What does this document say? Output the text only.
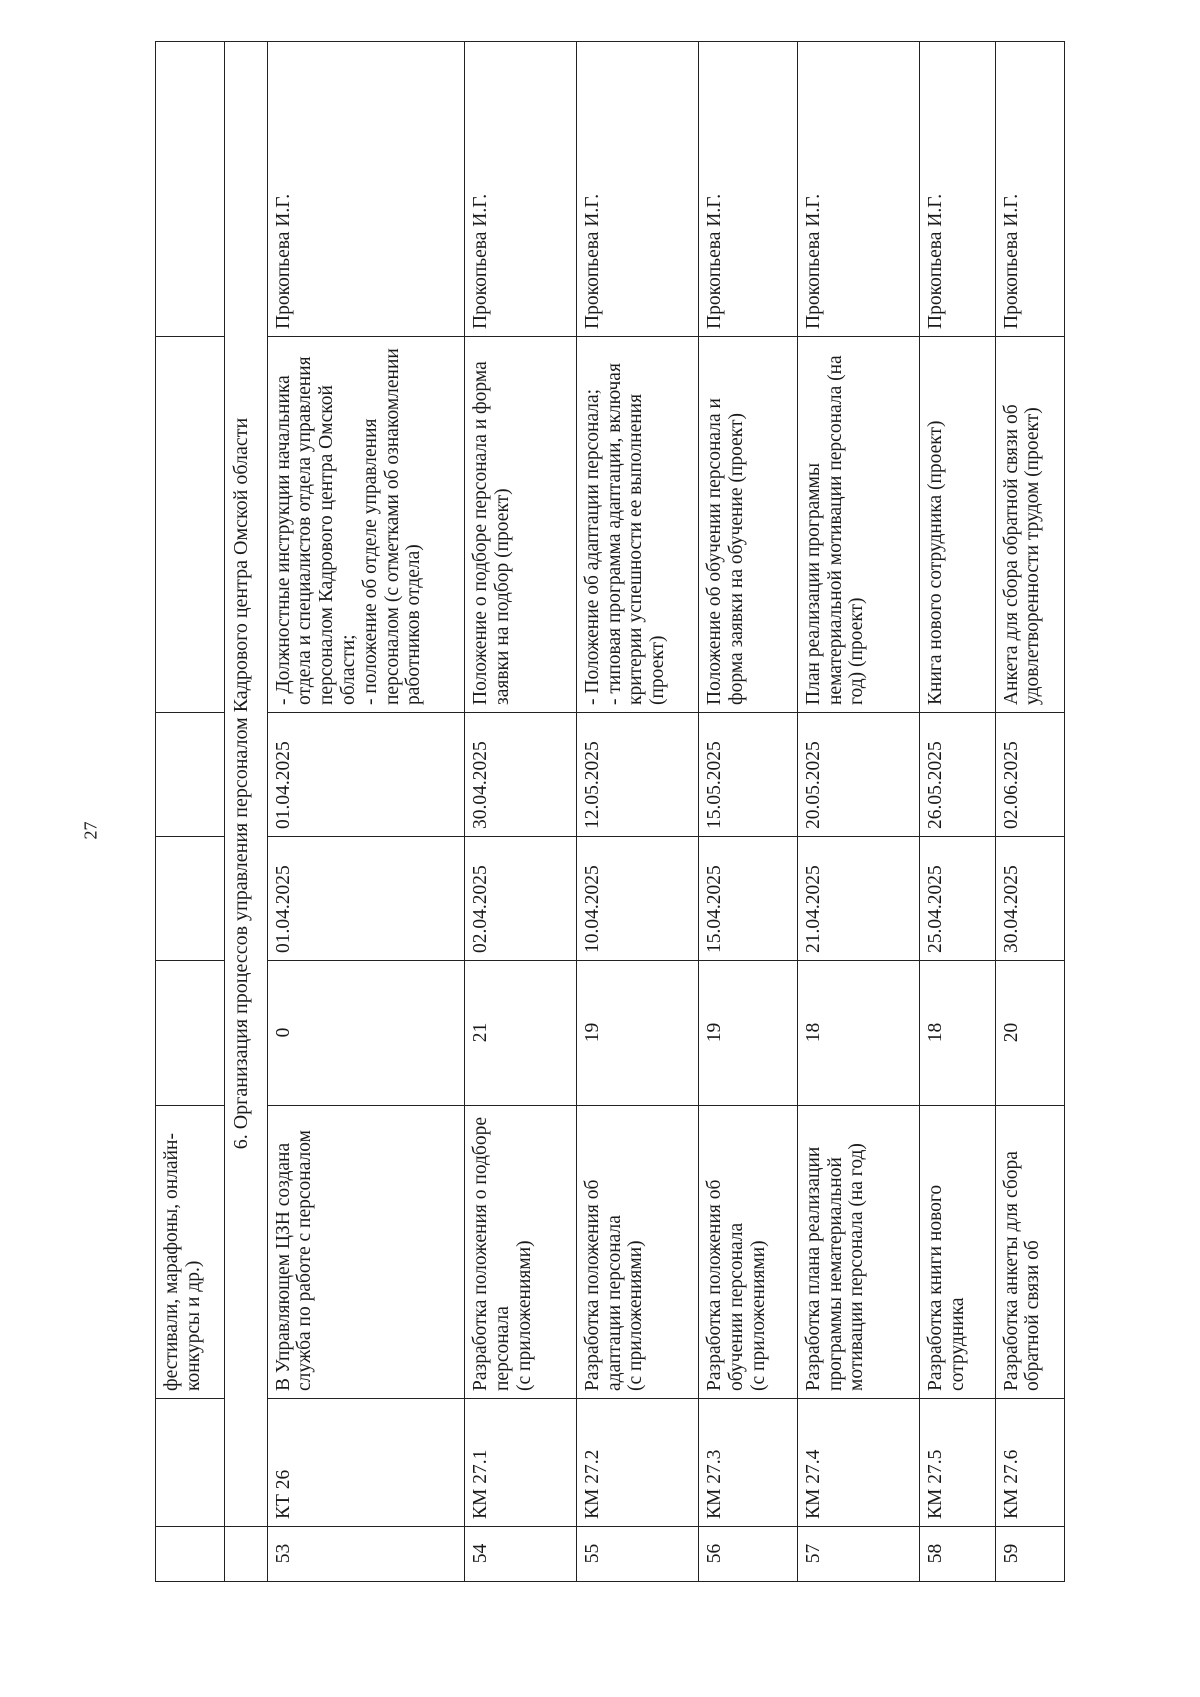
27
		фестивали, марафоны, онлайн-конкурсы и др.)					
	6. Организация процессов управления персоналом Кадрового центра Омской области						
53	КТ 26	В Управляющем ЦЗН создана служба по работе с персоналом	0	01.04.2025	01.04.2025	- Должностные инструкции начальника отдела и специалистов отдела управления персоналом Кадрового центра Омской области;
- положение об отделе управления персоналом (с отметками об ознакомлении работников отдела)	Прокопьева И.Г.
54	КМ 27.1	Разработка положения о подборе персонала
(с приложениями)	21	02.04.2025	30.04.2025	Положение о подборе персонала и форма заявки на подбор (проект)	Прокопьева И.Г.
55	КМ 27.2	Разработка положения об адаптации персонала
(с приложениями)	19	10.04.2025	12.05.2025	- Положение об адаптации персонала;
- типовая программа адаптации, включая критерии успешности ее выполнения (проект)	Прокопьева И.Г.
56	КМ 27.3	Разработка положения об обучении персонала
(с приложениями)	19	15.04.2025	15.05.2025	Положение об обучении персонала и форма заявки на обучение (проект)	Прокопьева И.Г.
57	КМ 27.4	Разработка плана реализации программы нематериальной мотивации персонала (на год)	18	21.04.2025	20.05.2025	План реализации программы нематериальной мотивации персонала (на год) (проект)	Прокопьева И.Г.
58	КМ 27.5	Разработка книги нового сотрудника	18	25.04.2025	26.05.2025	Книга нового сотрудника (проект)	Прокопьева И.Г.
59	КМ 27.6	Разработка анкеты для сбора обратной связи об	20	30.04.2025	02.06.2025	Анкета для сбора обратной связи об удовлетворенности трудом (проект)	Прокопьева И.Г.
